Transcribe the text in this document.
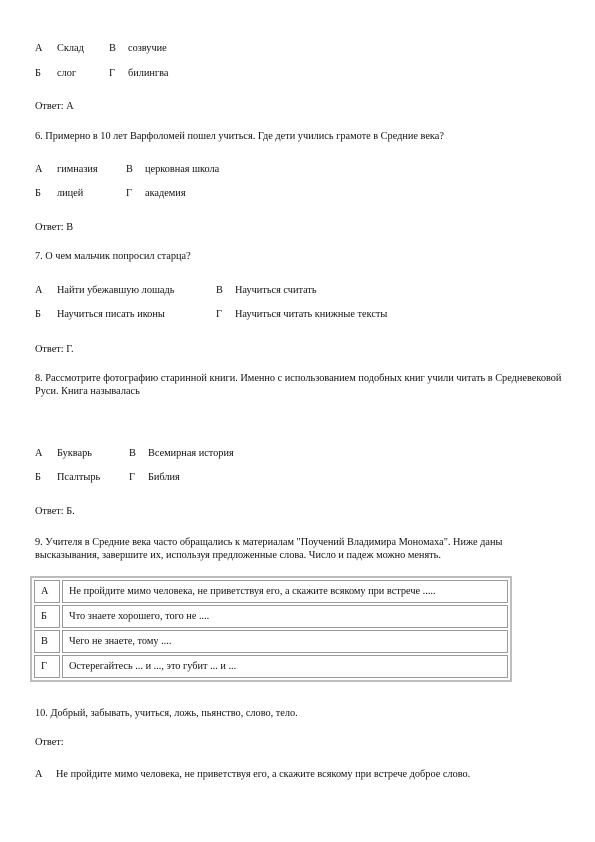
А Склад В созвучие
Б слог	Г билингва
Ответ: А
6. Примерно в 10 лет Варфоломей пошел учиться. Где дети учились грамоте в Средние века?
А гимназия	В церковная школа
Б лицей	Г академия
Ответ: В
7. О чем мальчик попросил старца?
А Найти убежавшую лошадь	В Научиться считать
Б Научиться писать иконы	Г Научиться читать книжные тексты
Ответ: Г.
8. Рассмотрите фотографию старинной книги. Именно с использованием подобных книг учили читать в Средневековой Руси. Книга называлась
А Букварь	В Всемирная история
Б Псалтырь	Г Библия
Ответ: Б.
9. Учителя в Средние века часто обращались к материалам "Поучений Владимира Мономаха". Ниже даны высказывания, завершите их, используя предложенные слова. Число и падеж можно менять.
А	Не пройдите мимо человека, не приветствуя его, а скажите всякому при встрече .....
Б	Что знаете хорошего, того не ....
В	Чего не знаете, тому ....
Г	Остерегайтесь ... и ..., это губит ... и ...
10. Добрый, забывать, учиться, ложь, пьянство, слово, тело.
Ответ:
А Не пройдите мимо человека, не приветствуя его, а скажите всякому при встрече доброе слово.
